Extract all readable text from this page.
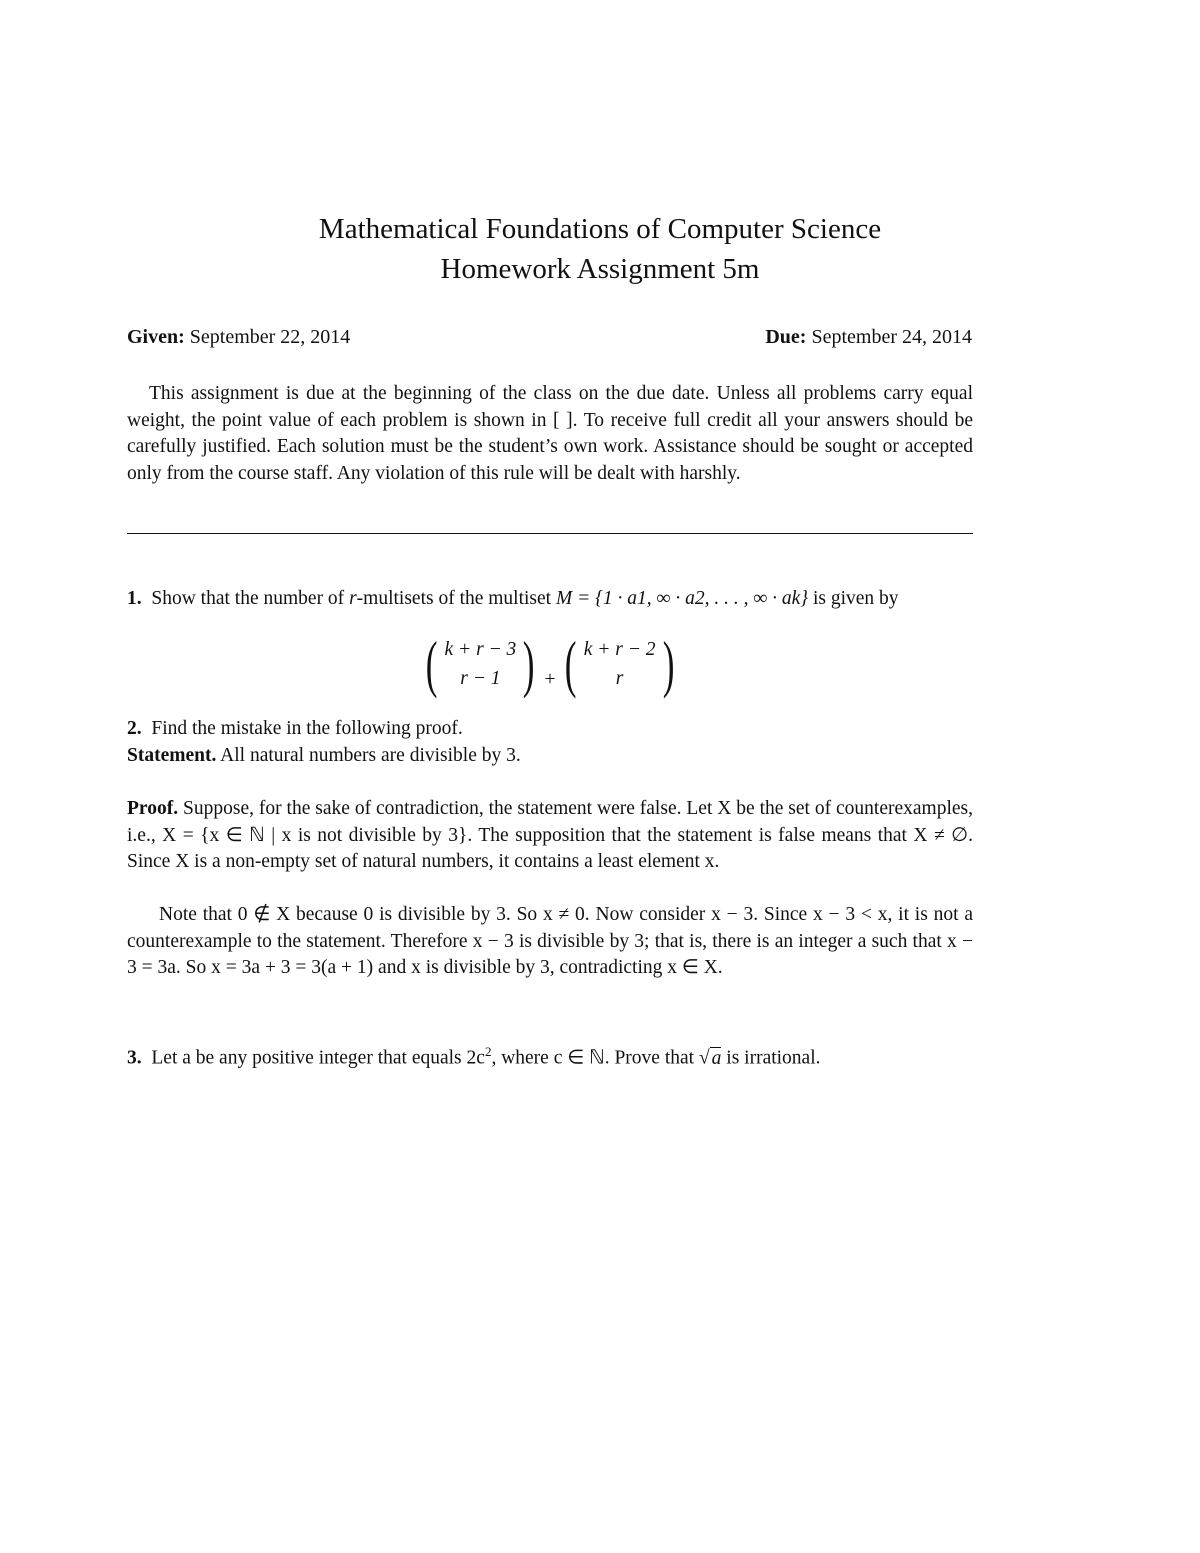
Mathematical Foundations of Computer Science
Homework Assignment 5m
Given: September 22, 2014	Due: September 24, 2014
This assignment is due at the beginning of the class on the due date. Unless all problems carry equal weight, the point value of each problem is shown in [ ]. To receive full credit all your answers should be carefully justified. Each solution must be the student’s own work. Assistance should be sought or accepted only from the course staff. Any violation of this rule will be dealt with harshly.
1. Show that the number of r-multisets of the multiset M = {1 · a1, ∞ · a2, . . . , ∞ · ak} is given by
( k + r − 3
r − 1 ) + ( k + r − 2
r )
2. Find the mistake in the following proof.
Statement. All natural numbers are divisible by 3.
Proof. Suppose, for the sake of contradiction, the statement were false. Let X be the set of counterexamples, i.e., X = {x ∈ ℕ | x is not divisible by 3}. The supposition that the statement is false means that X ≠ ∅. Since X is a non-empty set of natural numbers, it contains a least element x.
Note that 0 ∉ X because 0 is divisible by 3. So x ≠ 0. Now consider x − 3. Since x − 3 < x, it is not a counterexample to the statement. Therefore x − 3 is divisible by 3; that is, there is an integer a such that x − 3 = 3a. So x = 3a + 3 = 3(a + 1) and x is divisible by 3, contradicting x ∈ X.
3. Let a be any positive integer that equals $2c^2$, where c ∈ ℕ. Prove that √ a is irrational.
